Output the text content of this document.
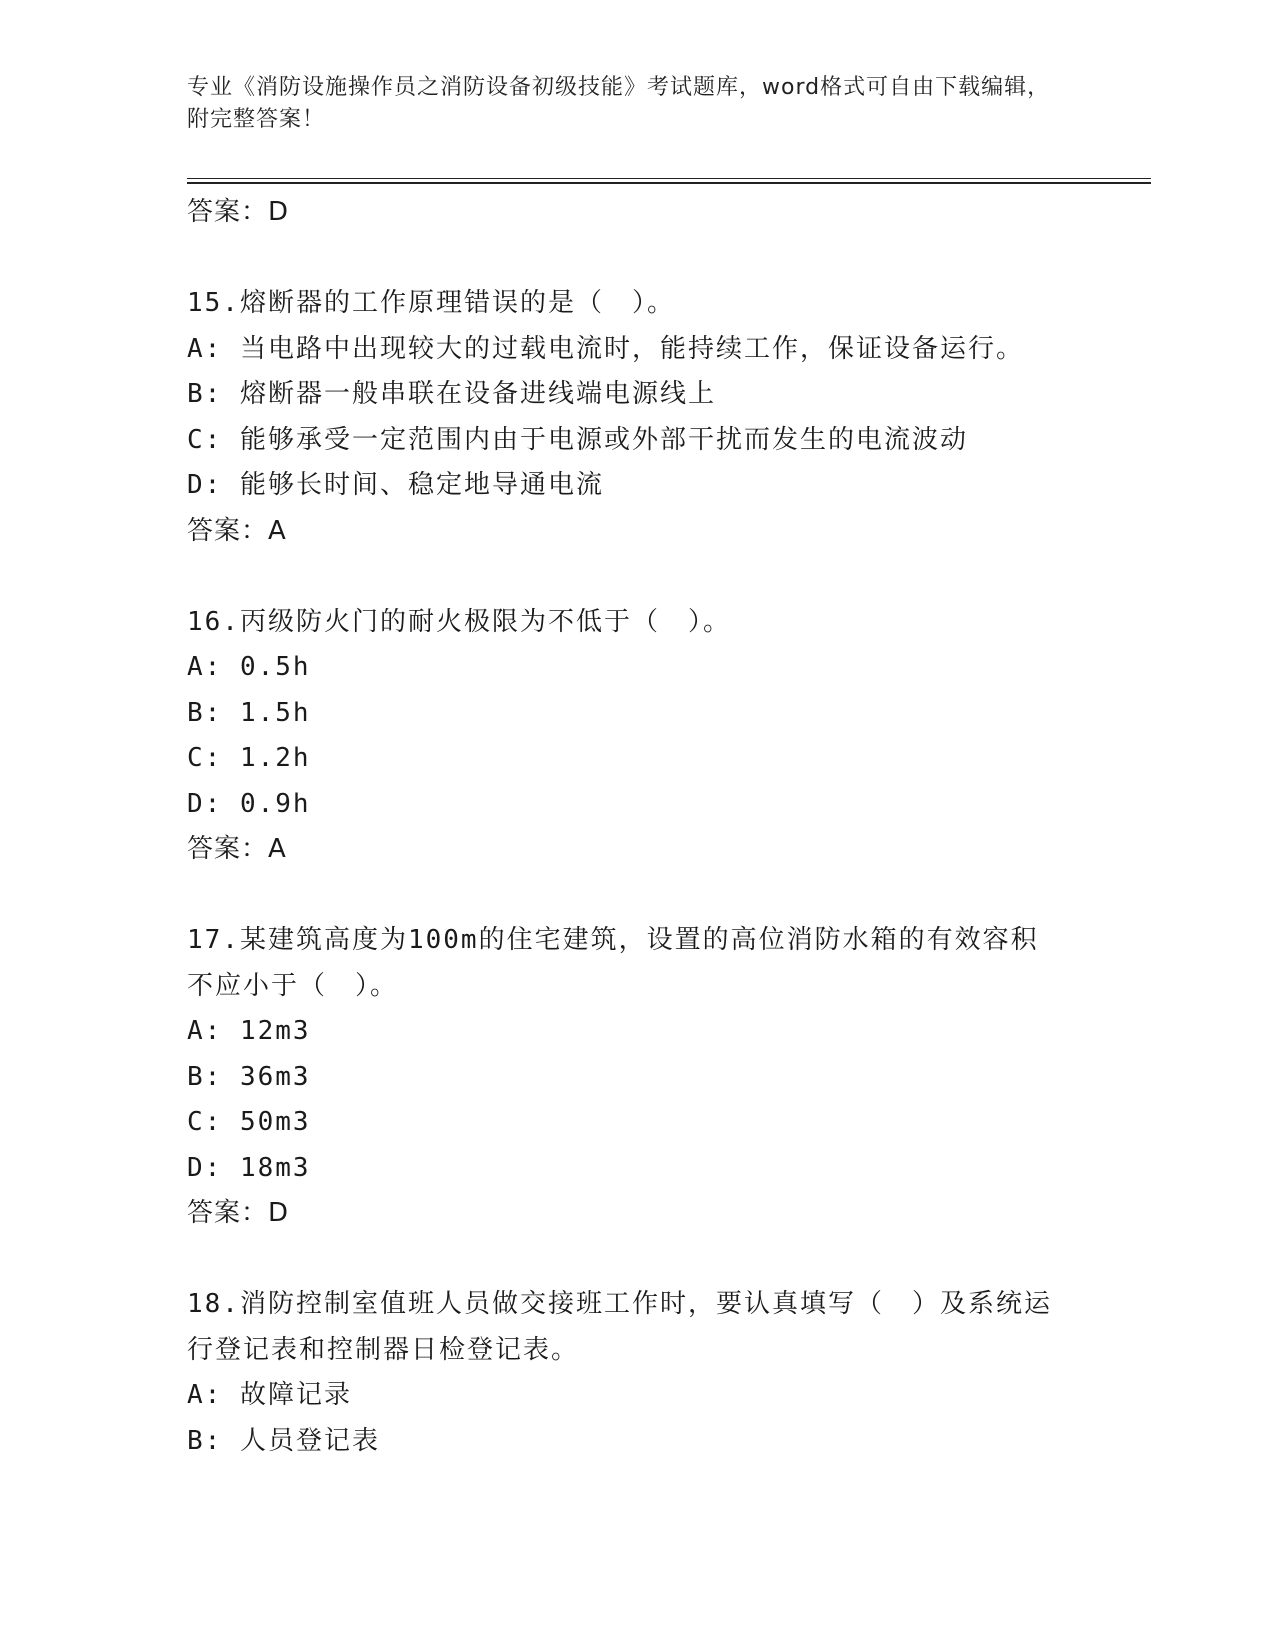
专业《消防设施操作员之消防设备初级技能》考试题库，word格式可自由下载编辑，附完整答案！
答案：D
15.熔断器的工作原理错误的是（　）。
A: 当电路中出现较大的过载电流时，能持续工作，保证设备运行。
B: 熔断器一般串联在设备进线端电源线上
C: 能够承受一定范围内由于电源或外部干扰而发生的电流波动
D: 能够长时间、稳定地导通电流
答案：A
16.丙级防火门的耐火极限为不低于（　）。
A: 0.5h
B: 1.5h
C: 1.2h
D: 0.9h
答案：A
17.某建筑高度为100m的住宅建筑，设置的高位消防水箱的有效容积
不应小于（　）。
A: 12m3
B: 36m3
C: 50m3
D: 18m3
答案：D
18.消防控制室值班人员做交接班工作时，要认真填写（　）及系统运
行登记表和控制器日检登记表。
A: 故障记录
B: 人员登记表
